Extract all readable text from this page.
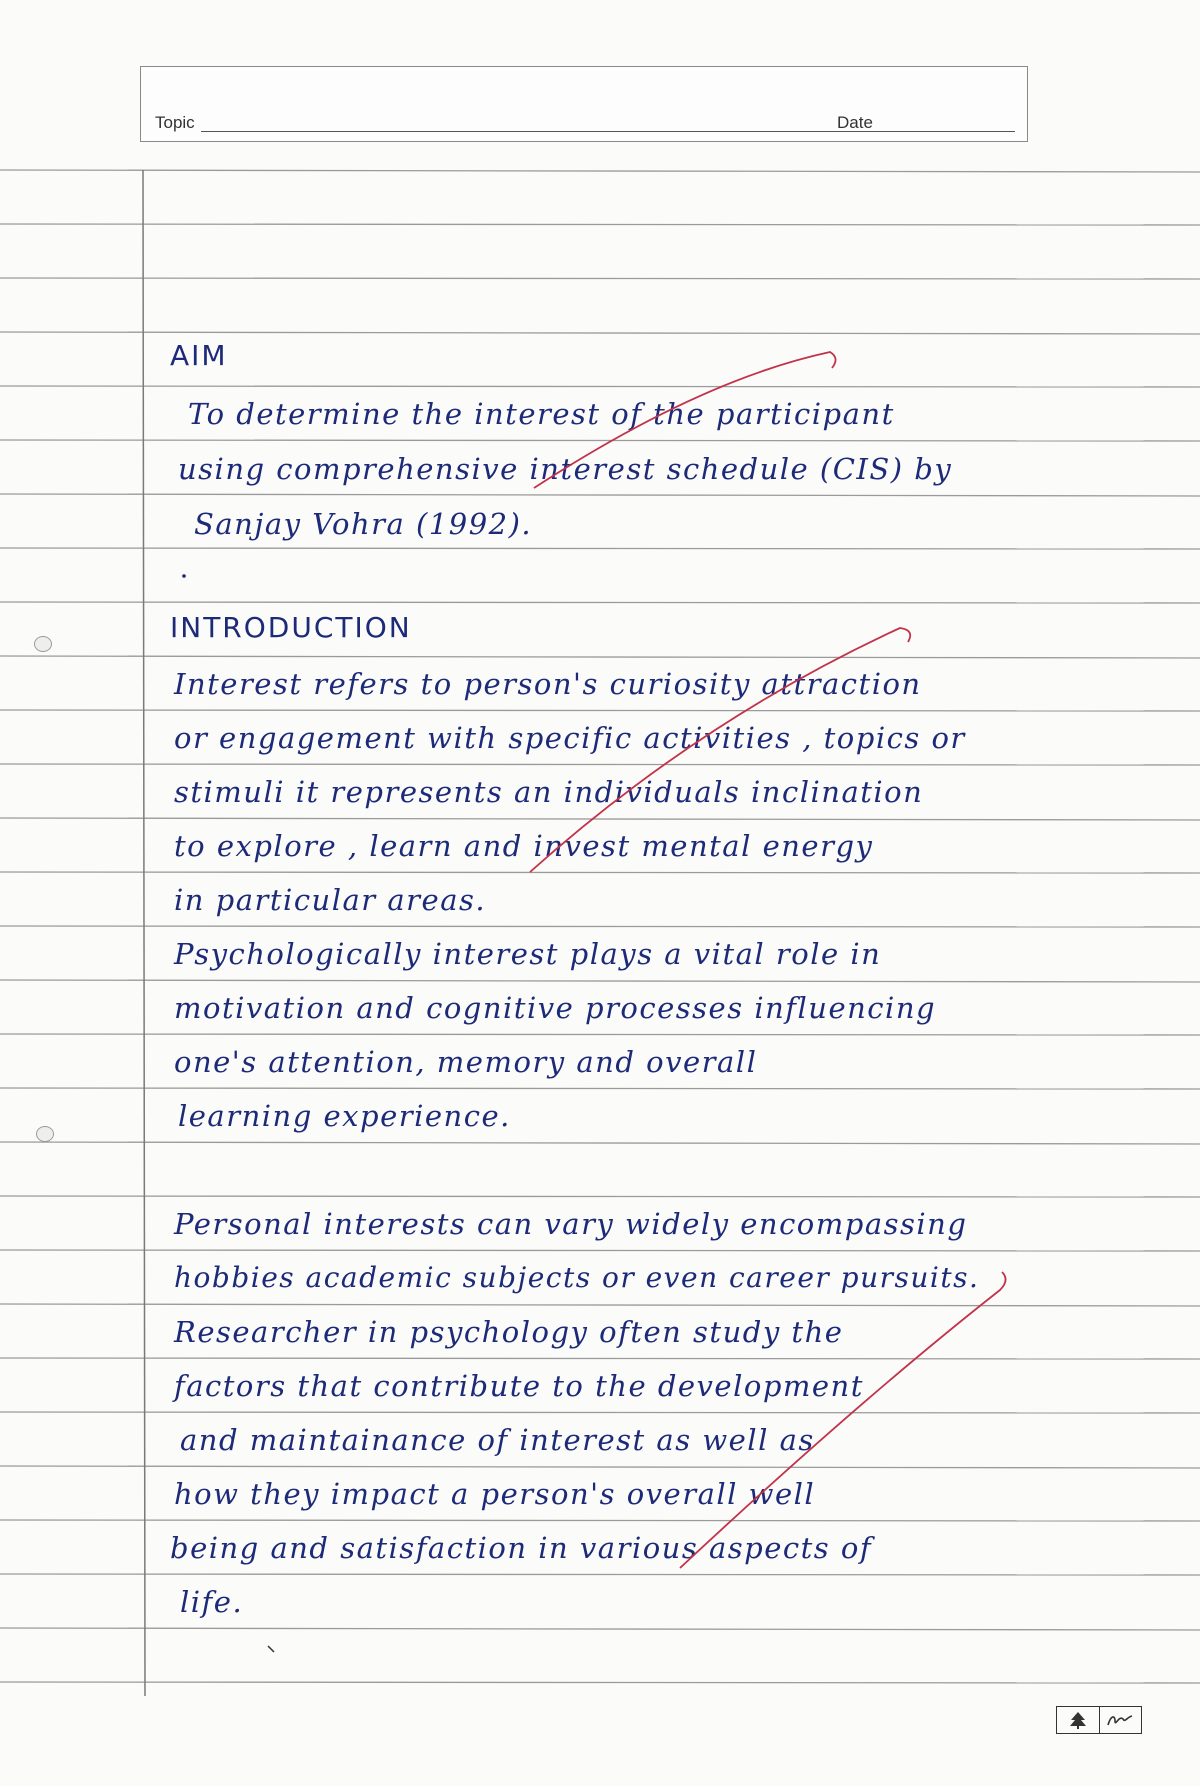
Topic	Date

AIM

To determine the interest of the participant

using comprehensive interest schedule (CIS) by

Sanjay Vohra (1992).

INTRODUCTION

Interest refers to person's curiosity attraction

or engagement with specific activities , topics or

stimuli it represents an individuals inclination

to explore , learn and invest mental energy

in particular areas.

Psychologically interest plays a vital role in

motivation and cognitive processes influencing

one's attention, memory and overall

learning experience.

Personal interests can vary widely encompassing

hobbies academic subjects or even career pursuits.

Researcher in psychology often study the

factors that contribute to the development

and maintainance of interest as well as

how they impact a person's overall well

being and satisfaction in various aspects of

life.
